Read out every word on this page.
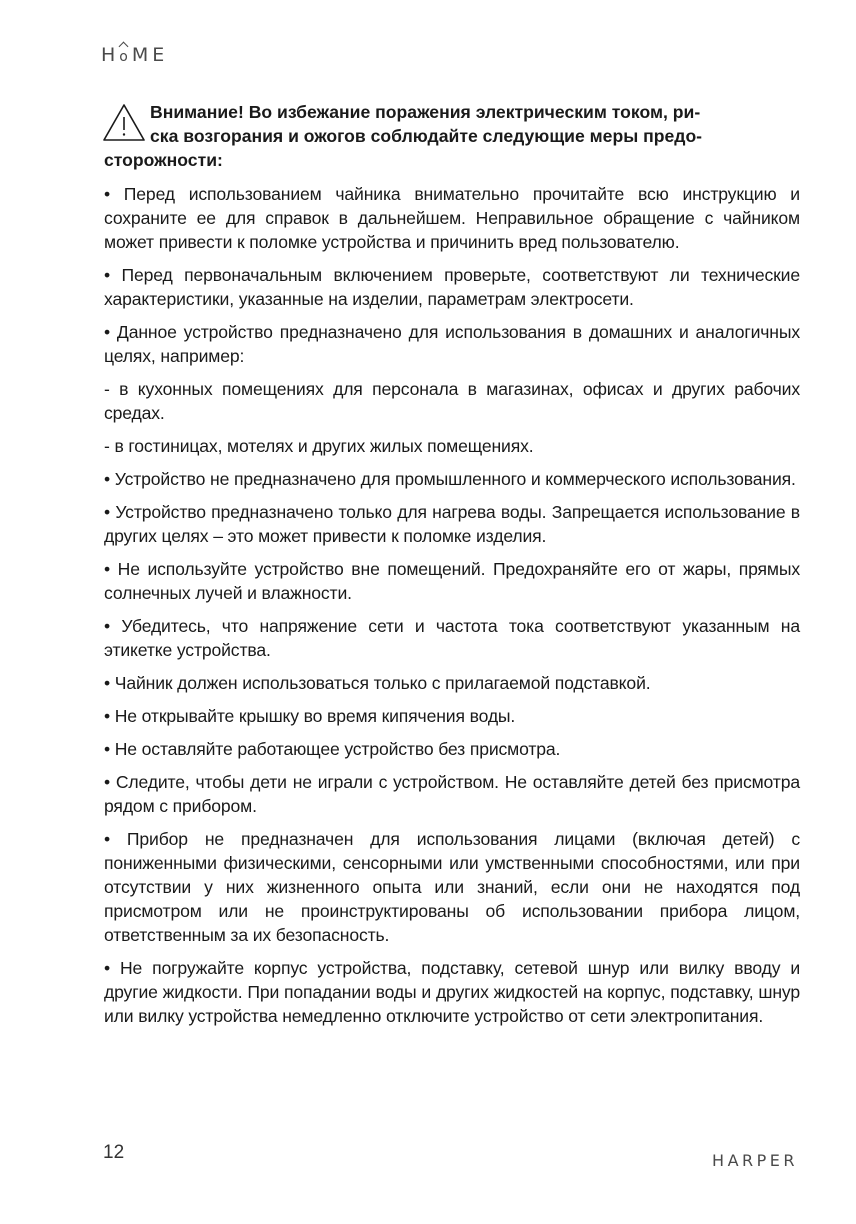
HoME
Внимание! Во избежание поражения электрическим током, ри-
ска возгорания и ожогов соблюдайте следующие меры предо-
сторожности:

• Перед использованием чайника внимательно прочитайте всю инструкцию и сохраните ее для справок в дальнейшем. Неправильное обращение с чайником может привести к поломке устройства и причинить вред пользователю.

• Перед первоначальным включением проверьте, соответствуют ли технические характеристики, указанные на изделии, параметрам электросети.

• Данное устройство предназначено для использования в домашних и аналогичных целях, например:

- в кухонных помещениях для персонала в магазинах, офисах и других рабочих средах.

- в гостиницах, мотелях и других жилых помещениях.

• Устройство не предназначено для промышленного и коммерческого использования.

• Устройство предназначено только для нагрева воды. Запрещается использование в других целях – это может привести к поломке изделия.

• Не используйте устройство вне помещений. Предохраняйте его от жары, прямых солнечных лучей и влажности.

• Убедитесь, что напряжение сети и частота тока соответствуют указанным на этикетке устройства.

• Чайник должен использоваться только с прилагаемой подставкой.

• Не открывайте крышку во время кипячения воды.

• Не оставляйте работающее устройство без присмотра.

• Следите, чтобы дети не играли с устройством. Не оставляйте детей без присмотра рядом с прибором.

• Прибор не предназначен для использования лицами (включая детей) с пониженными физическими, сенсорными или умственными способностями, или при отсутствии у них жизненного опыта или знаний, если они не находятся под присмотром или не проинструктированы об использовании прибора лицом, ответственным за их безопасность.

• Не погружайте корпус устройства, подставку, сетевой шнур или вилку вводу и другие жидкости. При попадании воды и других жидкостей на корпус, подставку, шнур или вилку устройства немедленно отключите устройство от сети электропитания.

12	HARPER
